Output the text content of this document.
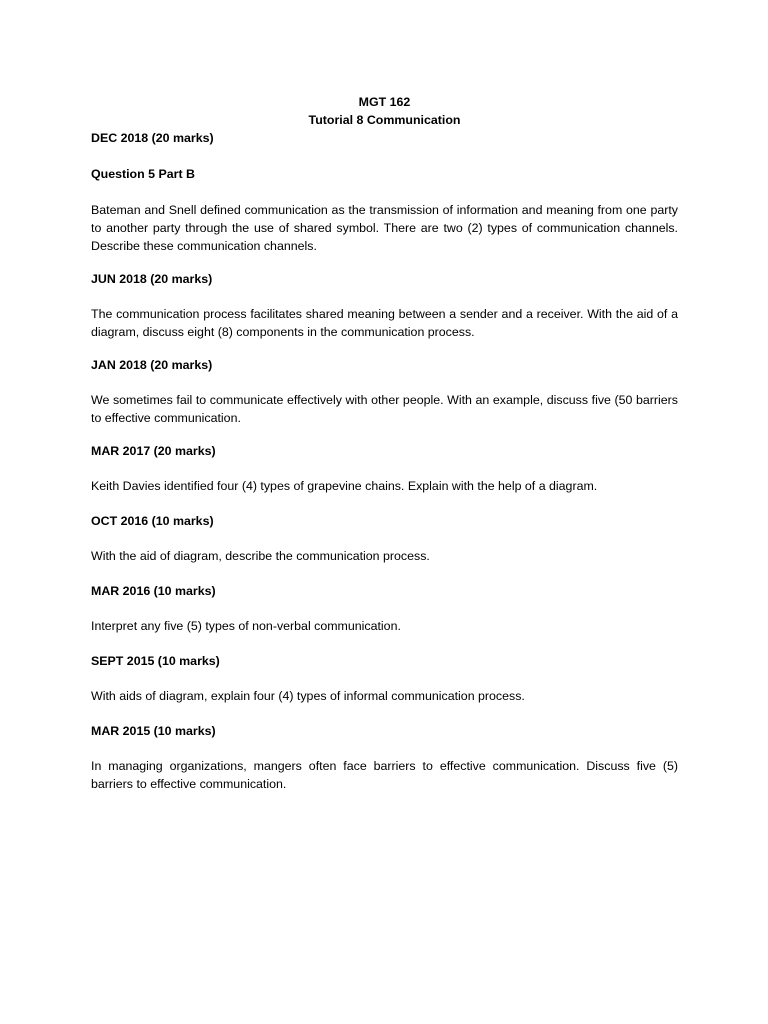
MGT 162

Tutorial 8 Communication

DEC 2018 (20 marks)

Question 5 Part B

Bateman and Snell defined communication as the transmission of information and meaning from one party to another party through the use of shared symbol. There are two (2) types of communication channels. Describe these communication channels.

JUN 2018 (20 marks)

The communication process facilitates shared meaning between a sender and a receiver. With the aid of a diagram, discuss eight (8) components in the communication process.

JAN 2018 (20 marks)

We sometimes fail to communicate effectively with other people. With an example, discuss five (50 barriers to effective communication.

MAR 2017 (20 marks)

Keith Davies identified four (4) types of grapevine chains. Explain with the help of a diagram.

OCT 2016 (10 marks)

With the aid of diagram, describe the communication process.

MAR 2016 (10 marks)

Interpret any five (5) types of non-verbal communication.

SEPT 2015 (10 marks)

With aids of diagram, explain four (4) types of informal communication process.

MAR 2015 (10 marks)

In managing organizations, mangers often face barriers to effective communication. Discuss five (5) barriers to effective communication.
